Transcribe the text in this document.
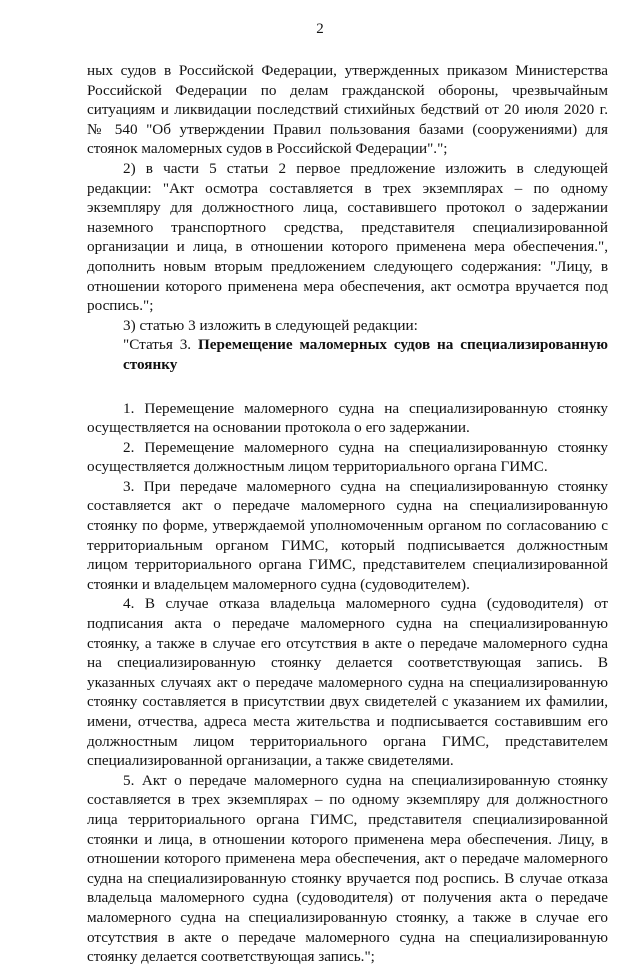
2

ных судов в Российской Федерации, утвержденных приказом Министерства Российской Федерации по делам гражданской обороны, чрезвычайным ситуациям и ликвидации последствий стихийных бедствий от 20 июля 2020 г. № 540 "Об утверждении Правил пользования базами (сооружениями) для стоянок маломерных судов в Российской Федерации".";

2) в части 5 статьи 2 первое предложение изложить в следующей редакции: "Акт осмотра составляется в трех экземплярах – по одному экземпляру для должностного лица, составившего протокол о задержании наземного транспортного средства, представителя специализированной организации и лица, в отношении которого применена мера обеспечения.", дополнить новым вторым предложением следующего содержания: "Лицу, в отношении которого применена мера обеспечения, акт осмотра вручается под роспись.";

3) статью 3 изложить в следующей редакции:

"Статья 3. Перемещение маломерных судов на специализированную стоянку

1. Перемещение маломерного судна на специализированную стоянку осуществляется на основании протокола о его задержании.

2. Перемещение маломерного судна на специализированную стоянку осуществляется должностным лицом территориального органа ГИМС.

3. При передаче маломерного судна на специализированную стоянку составляется акт о передаче маломерного судна на специализированную стоянку по форме, утверждаемой уполномоченным органом по согласованию с территориальным органом ГИМС, который подписывается должностным лицом территориального органа ГИМС, представителем специализированной стоянки и владельцем маломерного судна (судоводителем).

4. В случае отказа владельца маломерного судна (судоводителя) от подписания акта о передаче маломерного судна на специализированную стоянку, а также в случае его отсутствия в акте о передаче маломерного судна на специализированную стоянку делается соответствующая запись. В указанных случаях акт о передаче маломерного судна на специализированную стоянку составляется в присутствии двух свидетелей с указанием их фамилии, имени, отчества, адреса места жительства и подписывается составившим его должностным лицом территориального органа ГИМС, представителем специализированной организации, а также свидетелями.

5. Акт о передаче маломерного судна на специализированную стоянку составляется в трех экземплярах – по одному экземпляру для должностного лица территориального органа ГИМС, представителя специализированной стоянки и лица, в отношении которого применена мера обеспечения. Лицу, в отношении которого применена мера обеспечения, акт о передаче маломерного судна на специализированную стоянку вручается под роспись. В случае отказа владельца маломерного судна (судоводителя) от получения акта о передаче маломерного судна на специализированную стоянку, а также в случае его отсутствия в акте о передаче маломерного судна на специализированную стоянку делается соответствующая запись.";
